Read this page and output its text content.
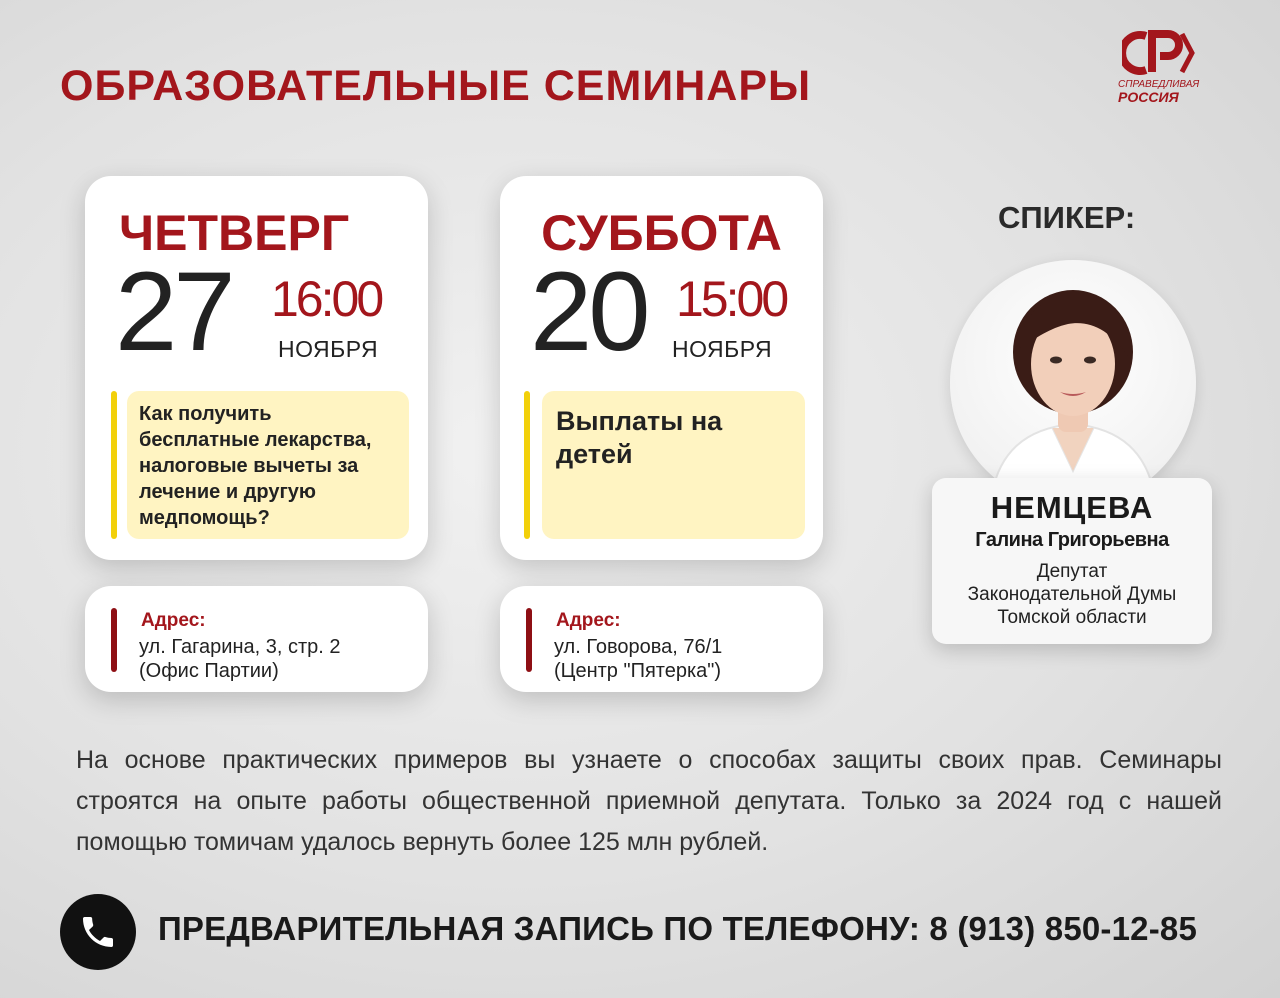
ОБРАЗОВАТЕЛЬНЫЕ СЕМИНАРЫ	СПРАВЕДЛИВАЯ
РОССИЯ
ЧЕТВЕРГ
27 16:00
НОЯБРЯ
Как получить бесплатные лекарства, налоговые вычеты за лечение и другую медпомощь?
СУББОТА
20 15:00
НОЯБРЯ
Выплаты на детей
Адрес:
ул. Гагарина, 3, стр. 2
(Офис Партии)
Адрес:
ул. Говорова, 76/1
(Центр "Пятерка")
СПИКЕР:
НЕМЦЕВА
Галина Григорьевна
Депутат
Законодательной Думы
Томской области
На основе практических примеров вы узнаете о способах защиты своих прав. Семинары строятся на опыте работы общественной приемной депутата. Только за 2024 год с нашей помощью томичам удалось вернуть более 125 млн рублей.
ПРЕДВАРИТЕЛЬНАЯ ЗАПИСЬ ПО ТЕЛЕФОНУ: 8 (913) 850-12-85
